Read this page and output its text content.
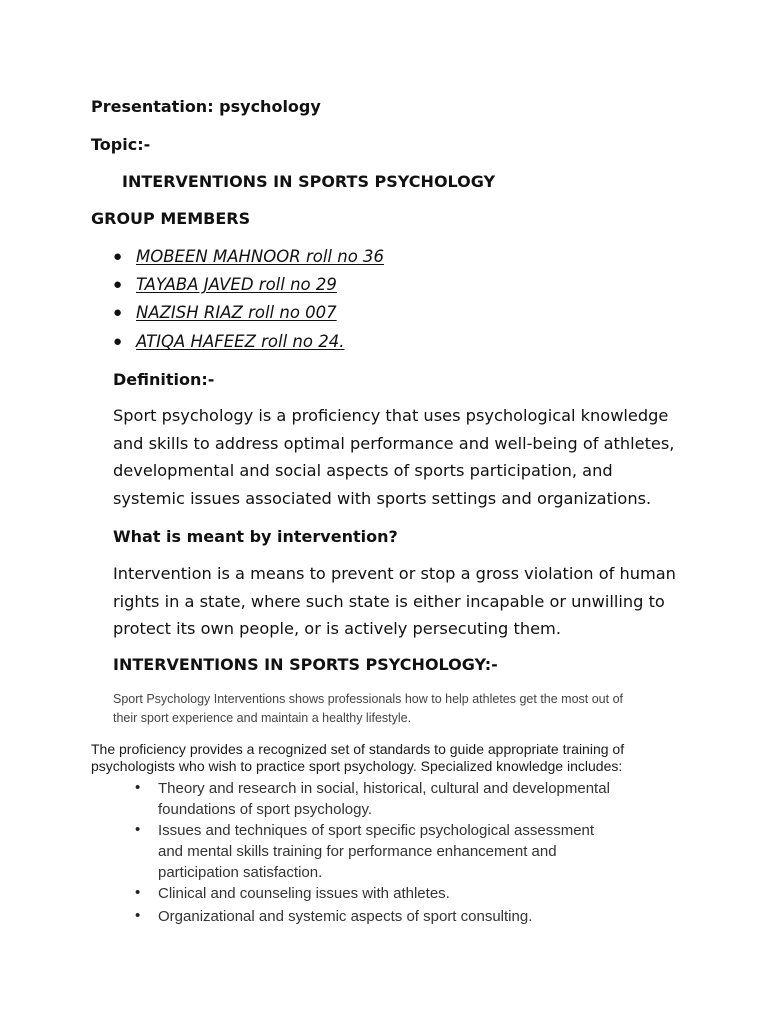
Presentation: psychology
Topic:-
INTERVENTIONS IN SPORTS PSYCHOLOGY
GROUP MEMBERS
● MOBEEN MAHNOOR roll no 36
● TAYABA JAVED roll no 29
● NAZISH RIAZ roll no 007
● ATIQA HAFEEZ roll no 24.
Definition:-
Sport psychology is a proficiency that uses psychological knowledge
and skills to address optimal performance and well-being of athletes,
developmental and social aspects of sports participation, and
systemic issues associated with sports settings and organizations.
What is meant by intervention?
Intervention is a means to prevent or stop a gross violation of human
rights in a state, where such state is either incapable or unwilling to
protect its own people, or is actively persecuting them.
INTERVENTIONS IN SPORTS PSYCHOLOGY:-
Sport Psychology Interventions shows professionals how to help athletes get the most out of
their sport experience and maintain a healthy lifestyle.
The proficiency provides a recognized set of standards to guide appropriate training of
psychologists who wish to practice sport psychology. Specialized knowledge includes:
• Theory and research in social, historical, cultural and developmental
foundations of sport psychology.
• Issues and techniques of sport specific psychological assessment
and mental skills training for performance enhancement and
participation satisfaction.
• Clinical and counseling issues with athletes.
• Organizational and systemic aspects of sport consulting.
